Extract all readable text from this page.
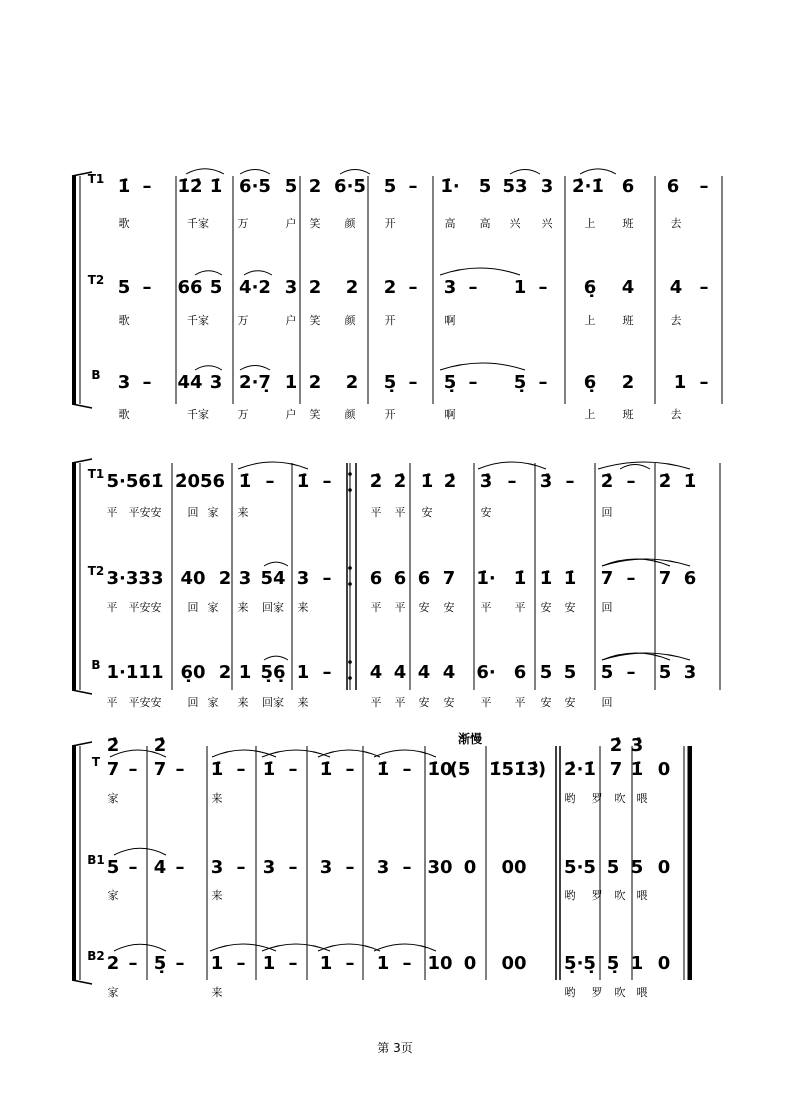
T1 1̇ – 1̇2̇ 1̇ 6·5 5 2 6·5 5 – 1̇· 5 53 3 2̇·1̇ 6 6 –
歌	千家	万	户 笑 颜	开	高 高 兴 兴	上 班	去
T2 5 – 66 5 4·2 3 2 2 2 – 3 – 1 – 6̣ 4 4 –
歌	千家	万	户 笑 颜	开	啊	上 班	去
B 3 – 44 3 2·7̣ 1 2 2 5̣ – 5̣ – 5̣ – 6̣ 2 1 –
歌	千家	万	户 笑 颜	开	啊	上 班	去
T1 5·561̇ 2̇056 1̇ – 1̇ – 2̇ 2̇ 1̇ 2̇ 3̇ – 3̇ – 2̇ – 2̇ 1̇
平 平安安 回 家 来	平 平 安	安	回
T2 3·333 40 2 3 54 3 – 6 6 6 7 1̇· 1̇ 1̇ 1̇ 7 – 7 6
平 平安安 回 家 来 回家 来	平 平 安 安 平 平 安 安 回
B 1·111 6̣0 2 1 5̣6̣ 1 – 4 4 4 4 6· 6 5 5 5 – 5 3
平 平安安 回 家 来 回家 来	平 平 安 安 平 平 安 安 回
T 7 – 7 – 1̇ – 1̇ – 1̇ – 1̇ – 1̇0
(5 1̇51̇3̇
) 2̇·1̇ 7 1̇ 0
家	来	哟 罗 吹 喂
2̇ 2̇	2̇ 3̇
B1 5 – 4 – 3 – 3 – 3 – 3 – 30 0 00 5·5 5 5 0
家	来	哟 罗 吹 喂
B2 2 – 5̣ – 1 – 1 – 1 – 1 – 10 0 00 5̣·5̣ 5̣ 1 0
家	来	哟 罗 吹 喂
渐慢
第 3页
